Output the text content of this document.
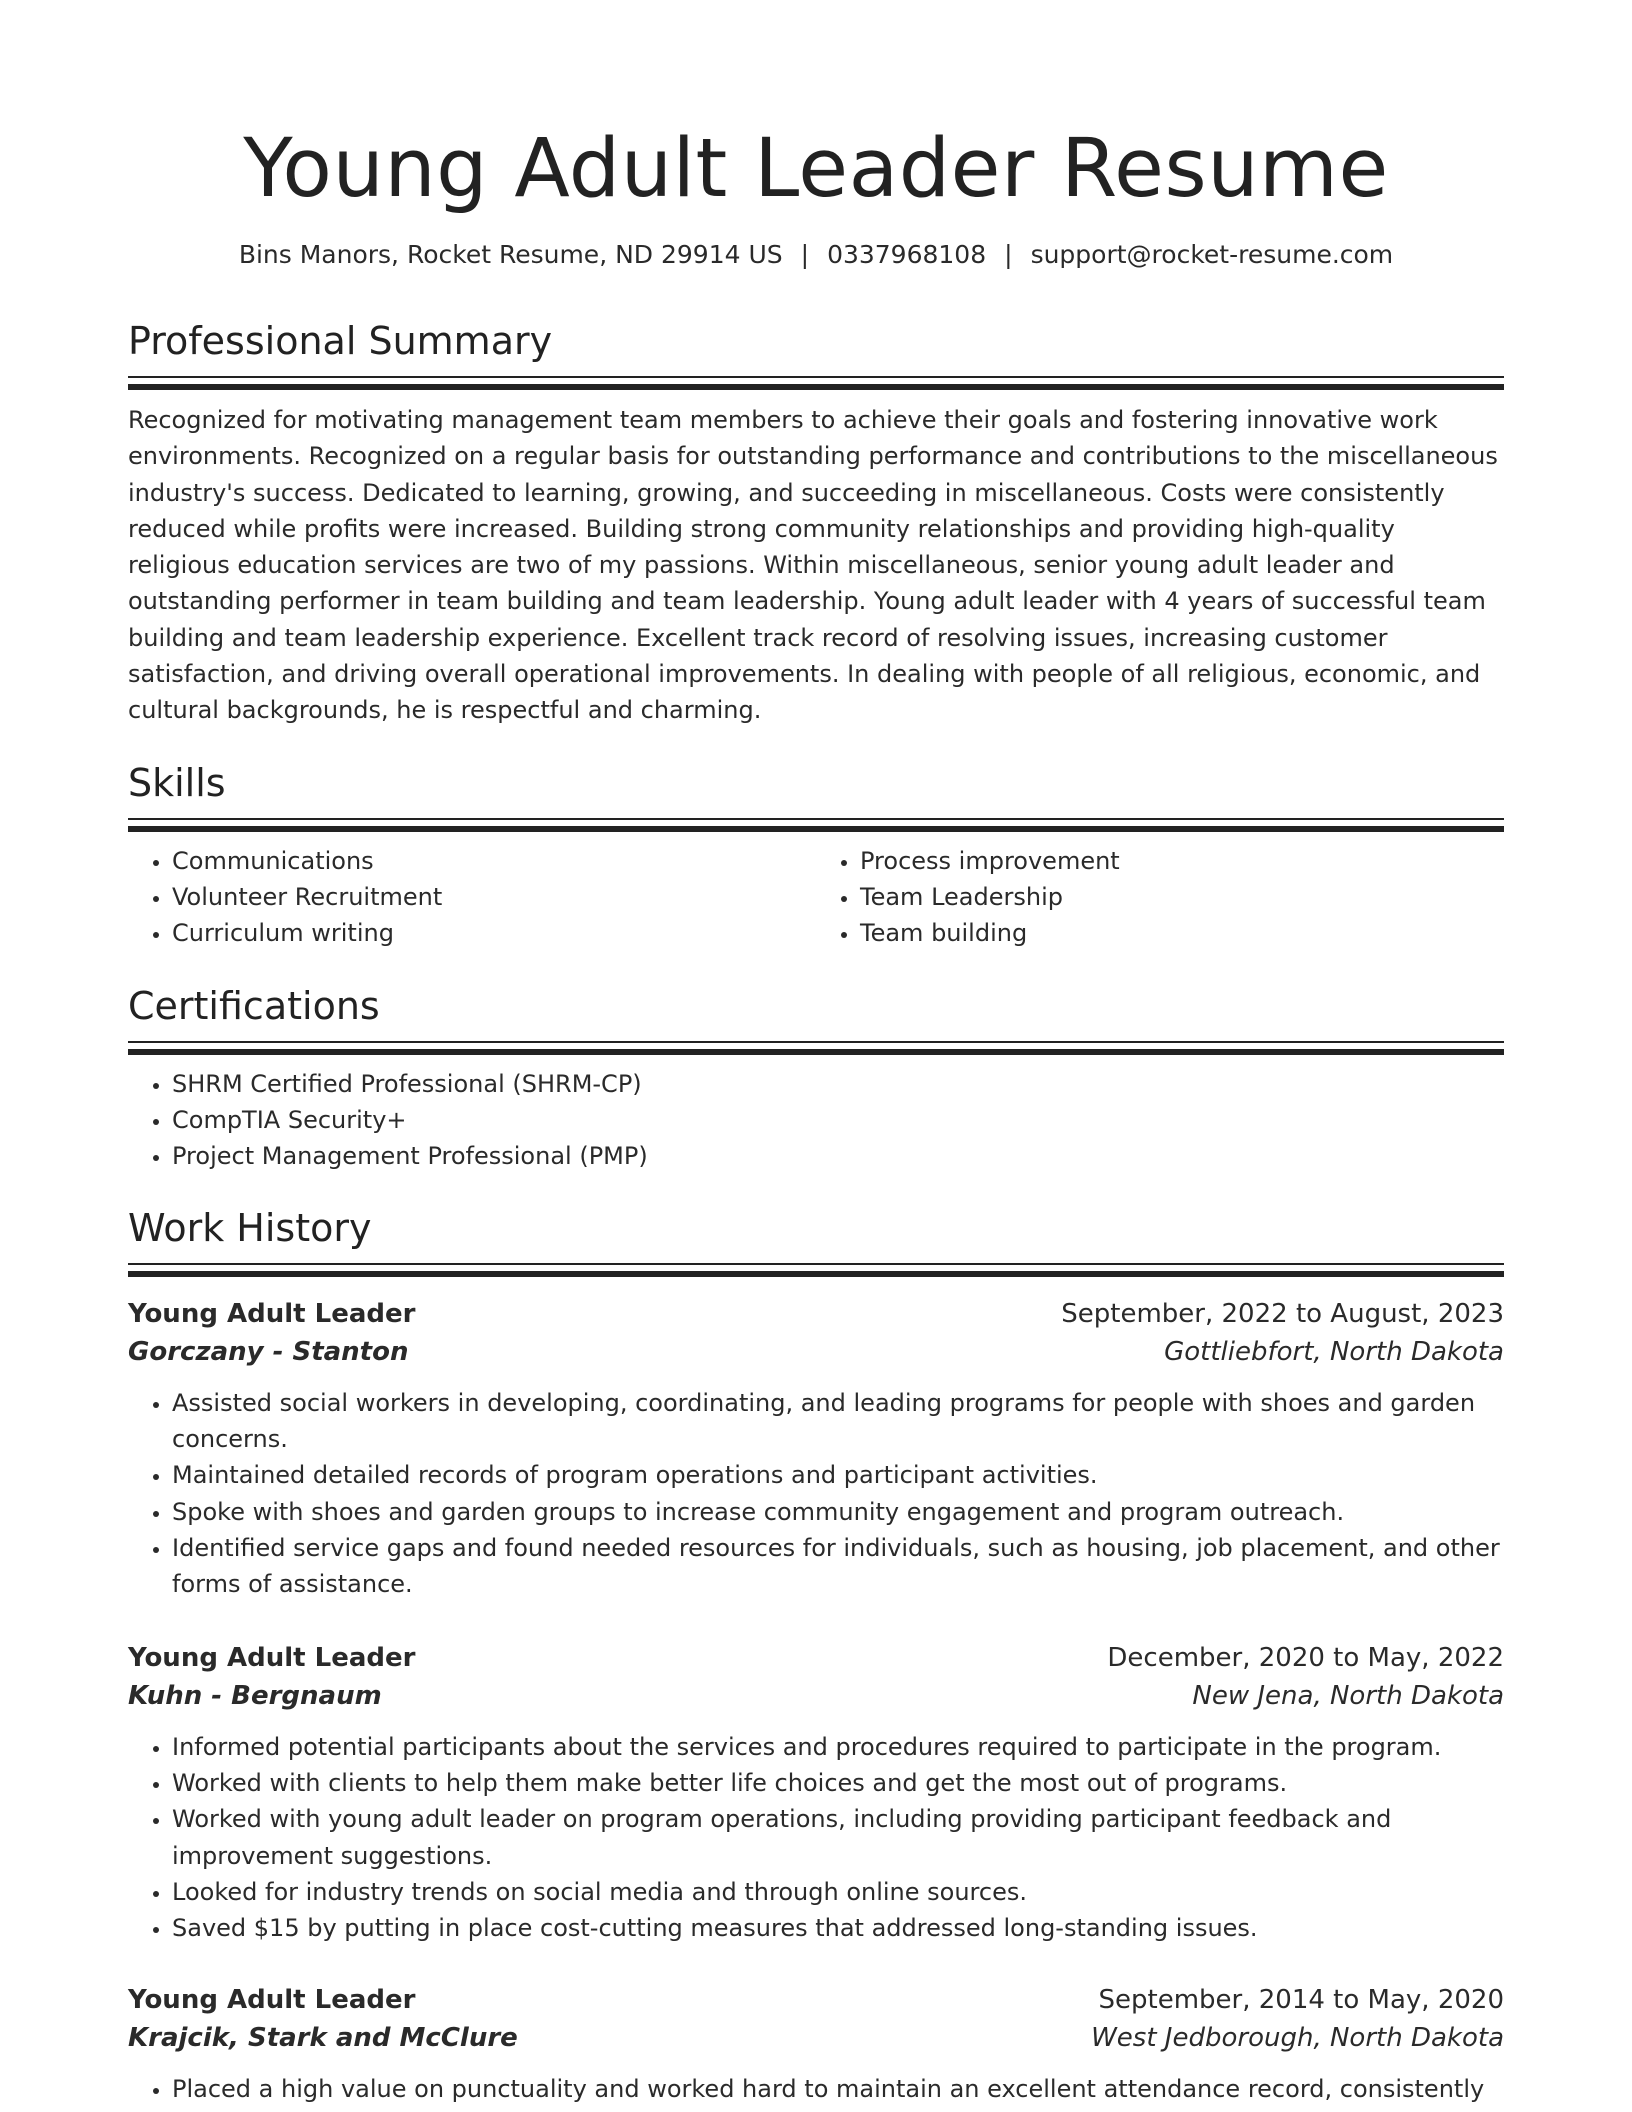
Young Adult Leader Resume
Bins Manors, Rocket Resume, ND 29914 US | 0337968108 | support@rocket-resume.com
Professional Summary

Recognized for motivating management team members to achieve their goals and fostering innovative work environments. Recognized on a regular basis for outstanding performance and contributions to the miscellaneous industry's success. Dedicated to learning, growing, and succeeding in miscellaneous. Costs were consistently reduced while profits were increased. Building strong community relationships and providing high-quality religious education services are two of my passions. Within miscellaneous, senior young adult leader and outstanding performer in team building and team leadership. Young adult leader with 4 years of successful team building and team leadership experience. Excellent track record of resolving issues, increasing customer satisfaction, and driving overall operational improvements. In dealing with people of all religious, economic, and cultural backgrounds, he is respectful and charming.

Skills
• Communications
• Volunteer Recruitment
• Curriculum writing
• Process improvement
• Team Leadership
• Team building
Certifications
• SHRM Certified Professional (SHRM-CP)
• CompTIA Security+
• Project Management Professional (PMP)
Work History
Young Adult Leader	September, 2022 to August, 2023
Gorczany - Stanton	Gottliebfort, North Dakota
• Assisted social workers in developing, coordinating, and leading programs for people with shoes and garden concerns.
• Maintained detailed records of program operations and participant activities.
• Spoke with shoes and garden groups to increase community engagement and program outreach.
• Identified service gaps and found needed resources for individuals, such as housing, job placement, and other forms of assistance.
Young Adult Leader	December, 2020 to May, 2022
Kuhn - Bergnaum	New Jena, North Dakota
• Informed potential participants about the services and procedures required to participate in the program.
• Worked with clients to help them make better life choices and get the most out of programs.
• Worked with young adult leader on program operations, including providing participant feedback and improvement suggestions.
• Looked for industry trends on social media and through online sources.
• Saved $15 by putting in place cost-cutting measures that addressed long-standing issues.
Young Adult Leader	September, 2014 to May, 2020
Krajcik, Stark and McClure	West Jedborough, North Dakota
• Placed a high value on punctuality and worked hard to maintain an excellent attendance record, consistently
